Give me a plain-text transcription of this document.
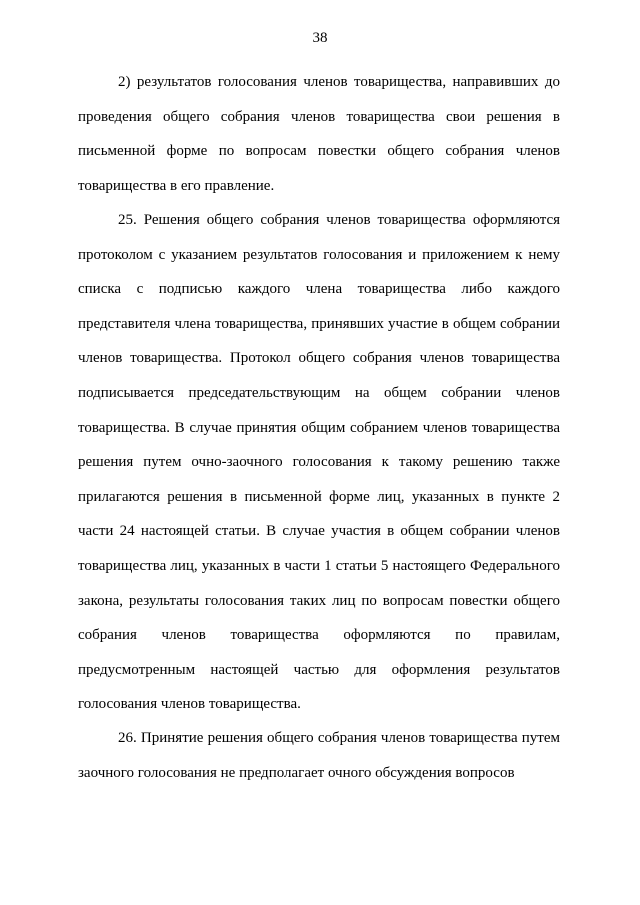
38

2) результатов голосования членов товарищества, направивших до проведения общего собрания членов товарищества свои решения в письменной форме по вопросам повестки общего собрания членов товарищества в его правление.

25. Решения общего собрания членов товарищества оформляются протоколом с указанием результатов голосования и приложением к нему списка с подписью каждого члена товарищества либо каждого представителя члена товарищества, принявших участие в общем собрании членов товарищества. Протокол общего собрания членов товарищества подписывается председательствующим на общем собрании членов товарищества. В случае принятия общим собранием членов товарищества решения путем очно-заочного голосования к такому решению также прилагаются решения в письменной форме лиц, указанных в пункте 2 части 24 настоящей статьи. В случае участия в общем собрании членов товарищества лиц, указанных в части 1 статьи 5 настоящего Федерального закона, результаты голосования таких лиц по вопросам повестки общего собрания членов товарищества оформляются по правилам, предусмотренным настоящей частью для оформления результатов голосования членов товарищества.

26. Принятие решения общего собрания членов товарищества путем заочного голосования не предполагает очного обсуждения вопросов
